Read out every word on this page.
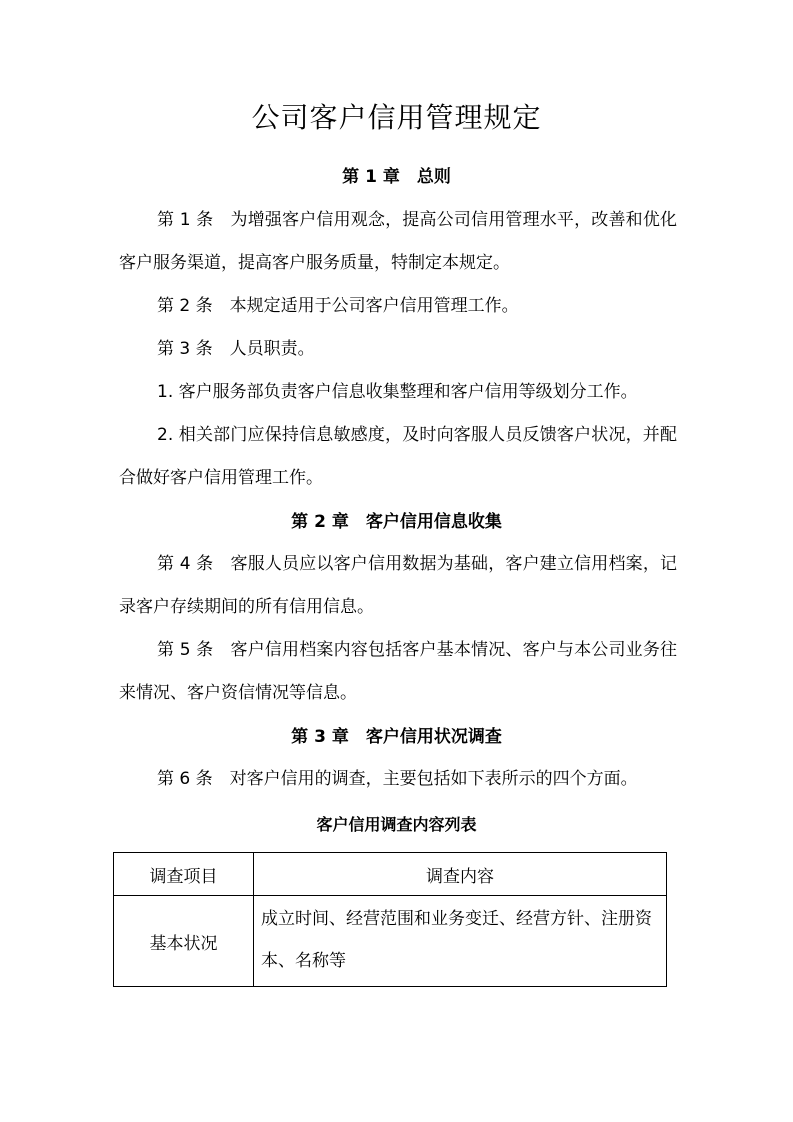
公司客户信用管理规定
第 1 章　总则

第 1 条　为增强客户信用观念，提高公司信用管理水平，改善和优化客户服务渠道，提高客户服务质量，特制定本规定。

第 2 条　本规定适用于公司客户信用管理工作。

第 3 条　人员职责。

1. 客户服务部负责客户信息收集整理和客户信用等级划分工作。

2. 相关部门应保持信息敏感度，及时向客服人员反馈客户状况，并配合做好客户信用管理工作。

第 2 章　客户信用信息收集

第 4 条　客服人员应以客户信用数据为基础，客户建立信用档案，记录客户存续期间的所有信用信息。

第 5 条　客户信用档案内容包括客户基本情况、客户与本公司业务往来情况、客户资信情况等信息。

第 3 章　客户信用状况调查

第 6 条　对客户信用的调查，主要包括如下表所示的四个方面。

客户信用调查内容列表
调查项目	调查内容
基本状况	成立时间、经营范围和业务变迁、经营方针、注册资本、名称等
